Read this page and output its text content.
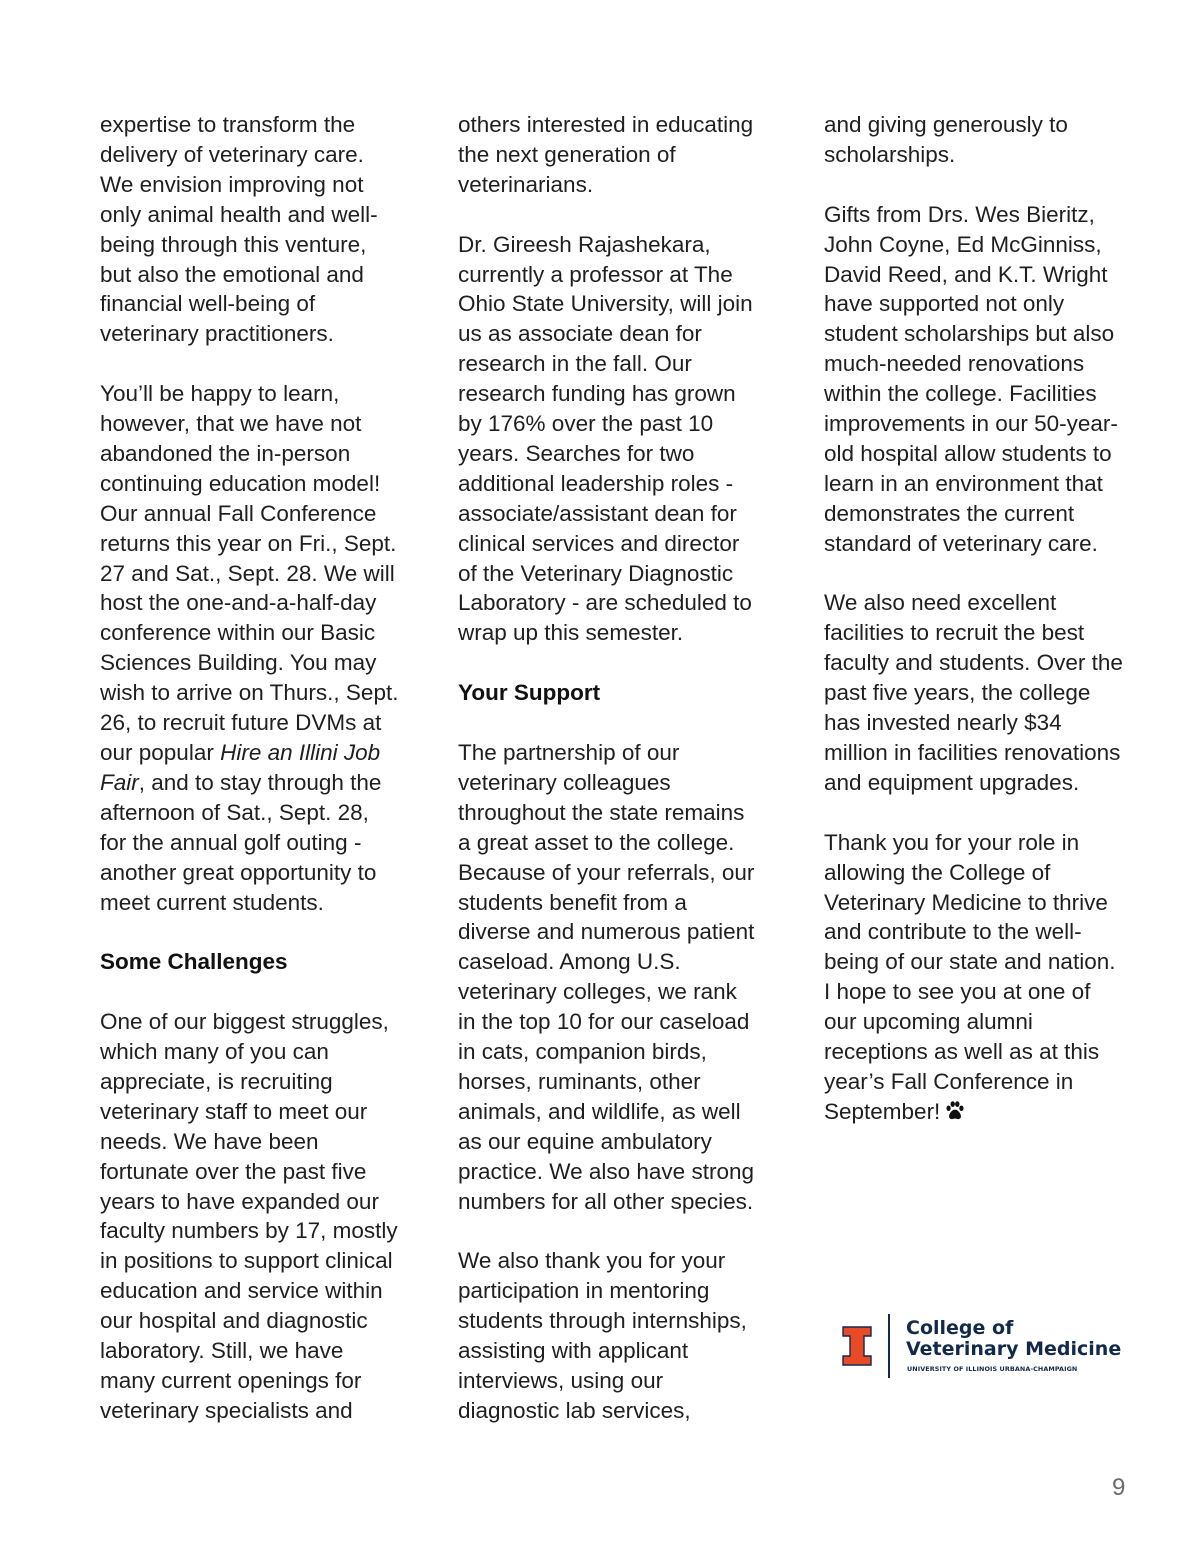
expertise to transform the delivery of veterinary care. We envision improving not only animal health and well-being through this venture, but also the emotional and financial well-being of veterinary practitioners.

You’ll be happy to learn, however, that we have not abandoned the in-person continuing education model! Our annual Fall Conference returns this year on Fri., Sept. 27 and Sat., Sept. 28. We will host the one-and-a-half-day conference within our Basic Sciences Building. You may wish to arrive on Thurs., Sept. 26, to recruit future DVMs at our popular Hire an Illini Job Fair, and to stay through the afternoon of Sat., Sept. 28, for the annual golf outing - another great opportunity to meet current students.

Some Challenges

One of our biggest struggles, which many of you can appreciate, is recruiting veterinary staff to meet our needs. We have been fortunate over the past five years to have expanded our faculty numbers by 17, mostly in positions to support clinical education and service within our hospital and diagnostic laboratory. Still, we have many current openings for veterinary specialists and

others interested in educating the next generation of veterinarians.

Dr. Gireesh Rajashekara, currently a professor at The Ohio State University, will join us as associate dean for research in the fall. Our research funding has grown by 176% over the past 10 years. Searches for two additional leadership roles - associate/assistant dean for clinical services and director of the Veterinary Diagnostic Laboratory - are scheduled to wrap up this semester.

Your Support

The partnership of our veterinary colleagues throughout the state remains a great asset to the college. Because of your referrals, our students benefit from a diverse and numerous patient caseload. Among U.S. veterinary colleges, we rank in the top 10 for our caseload in cats, companion birds, horses, ruminants, other animals, and wildlife, as well as our equine ambulatory practice. We also have strong numbers for all other species.

We also thank you for your participation in mentoring students through internships, assisting with applicant interviews, using our diagnostic lab services,

and giving generously to scholarships.

Gifts from Drs. Wes Bieritz, John Coyne, Ed McGinniss, David Reed, and K.T. Wright have supported not only student scholarships but also much-needed renovations within the college. Facilities improvements in our 50-year-old hospital allow students to learn in an environment that demonstrates the current standard of veterinary care.

We also need excellent facilities to recruit the best faculty and students. Over the past five years, the college has invested nearly $34 million in facilities renovations and equipment upgrades.

Thank you for your role in allowing the College of Veterinary Medicine to thrive and contribute to the well-being of our state and nation. I hope to see you at one of our upcoming alumni receptions as well as at this year’s Fall Conference in September!

College of
Veterinary Medicine
UNIVERSITY OF ILLINOIS URBANA-CHAMPAIGN
9
